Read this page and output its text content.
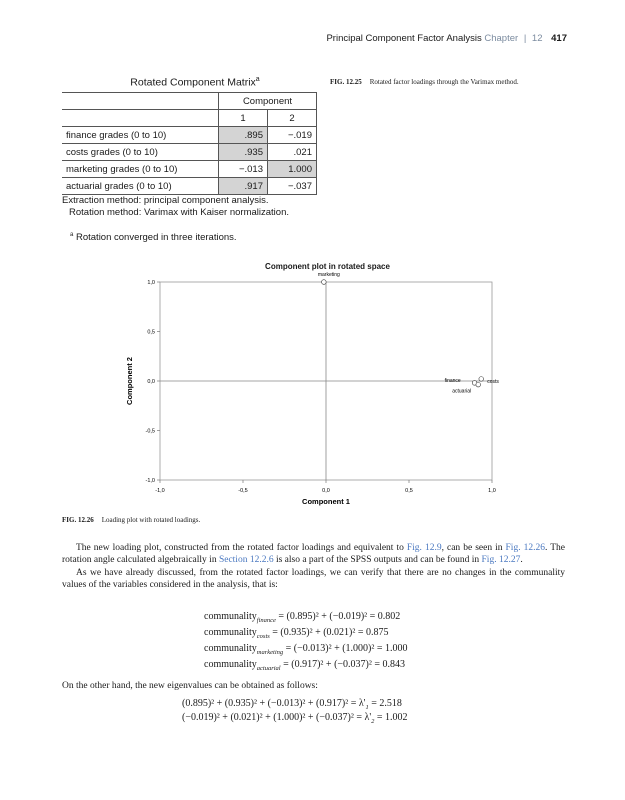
Principal Component Factor Analysis Chapter | 12 417
Rotated Component Matrix$^a$
	Component	
	1	2
finance grades (0 to 10)	.895	−.019
costs grades (0 to 10)	.935	.021
marketing grades (0 to 10)	−.013	1.000
actuarial grades (0 to 10)	.917	−.037
Extraction method: principal component analysis.
Rotation method: Varimax with Kaiser normalization.
$^a$ Rotation converged in three iterations.
FIG. 12.25 Rotated factor loadings through the Varimax method.
Component plot in rotated space
-1,0	-0,5	0,0	0,5	1,0
1,0
0,5
0,0
-0,5
-1,0
finance	costs
marketing
actuarial
Component 1
Component 2
FIG. 12.26 Loading plot with rotated loadings.

The new loading plot, constructed from the rotated factor loadings and equivalent to Fig. 12.9, can be seen in Fig. 12.26. The rotation angle calculated algebraically in Section 12.2.6 is also a part of the SPSS outputs and can be found in Fig. 12.27.

As we have already discussed, from the rotated factor loadings, we can verify that there are no changes in the communality values of the variables considered in the analysis, that is:

communality$_{finance}$ = (0.895)² + (−0.019)² = 0.802
communality$_{costs}$ = (0.935)² + (0.021)² = 0.875
communality$_{marketing}$ = (−0.013)² + (1.000)² = 1.000
communality$_{actuarial}$ = (0.917)² + (−0.037)² = 0.843
On the other hand, the new eigenvalues can be obtained as follows:
$(0.895)^2 + (0.935)^2 + (-0.013)^2 + (0.917)^2 = \lambda'_1 = 2.518$
$(-0.019)^2 + (0.021)^2 + (1.000)^2 + (-0.037)^2 = \lambda'_2 = 1.002$
